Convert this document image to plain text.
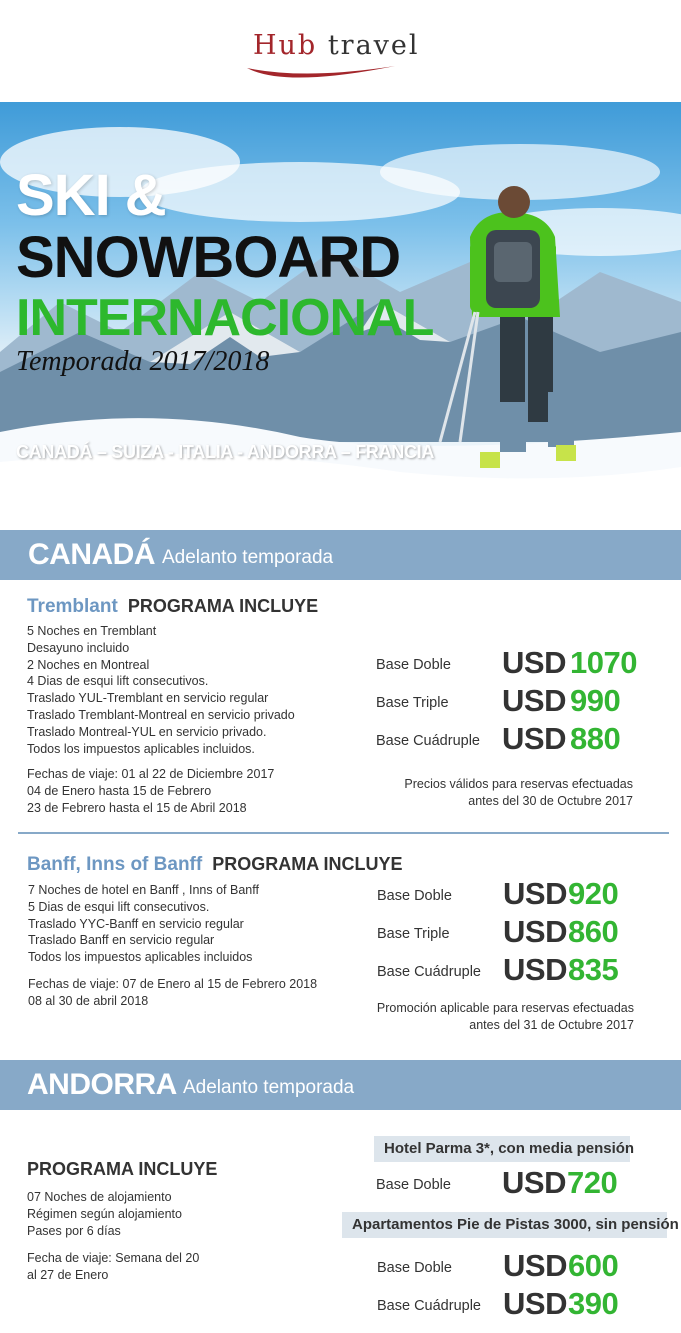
Hub travel
SKI &
SNOWBOARD
INTERNACIONAL
Temporada 2017/2018
CANADÁ – SUIZA - ITALIA - ANDORRA – FRANCIA
CANADÁ Adelanto temporada
Tremblant PROGRAMA INCLUYE
5 Noches en Tremblant
Desayuno incluido
2 Noches en Montreal
4 Dias de esqui lift consecutivos.
Traslado YUL-Tremblant en servicio regular
Traslado Tremblant-Montreal en servicio privado
Traslado Montreal-YUL en servicio privado.
Todos los impuestos aplicables incluidos.
Fechas de viaje: 01 al 22 de Diciembre 2017
04 de Enero hasta 15 de Febrero
23 de Febrero hasta el 15 de Abril 2018
Base Doble USD 1070
Base Triple USD 990
Base Cuádruple USD 880
Precios válidos para reservas efectuadas
antes del 30 de Octubre 2017
Banff, Inns of Banff PROGRAMA INCLUYE
7 Noches de hotel en Banff , Inns of Banff
5 Dias de esqui lift consecutivos.
Traslado YYC-Banff en servicio regular
Traslado Banff en servicio regular
Todos los impuestos aplicables incluidos
Fechas de viaje: 07 de Enero al 15 de Febrero 2018
08 al 30 de abril 2018
Base Doble USD 920
Base Triple USD 860
Base Cuádruple USD 835
Promoción aplicable para reservas efectuadas
antes del 31 de Octubre 2017
ANDORRA Adelanto temporada
PROGRAMA INCLUYE
07 Noches de alojamiento
Régimen según alojamiento
Pases por 6 días
Fecha de viaje: Semana del 20
al 27 de Enero
Hotel Parma 3*, con media pensión
Base Doble USD 720
Apartamentos Pie de Pistas 3000, sin pensión
Base Doble USD 600
Base Cuádruple USD 390
